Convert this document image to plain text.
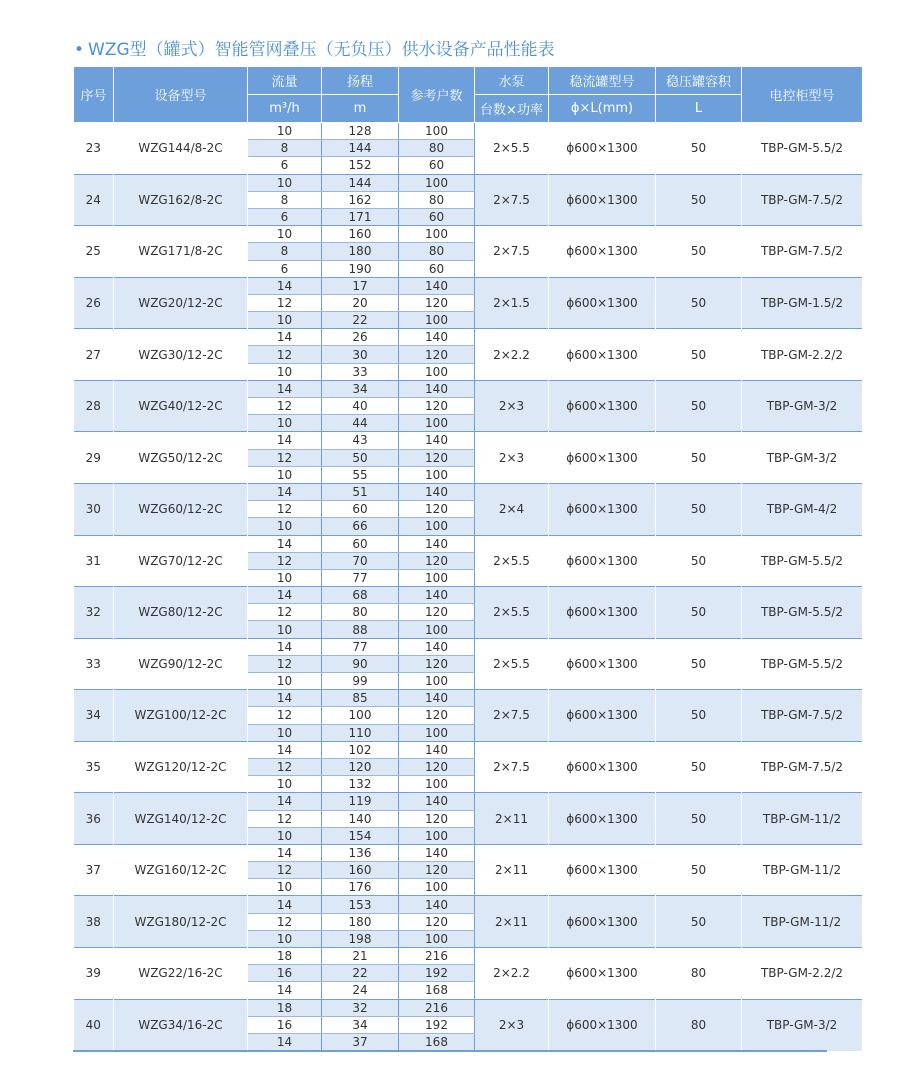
• WZG型（罐式）智能管网叠压（无负压）供水设备产品性能表
序号	设备型号	流量	扬程	参考户数	水泵	稳流罐型号	稳压罐容积	电控柜型号
		m³/h	m		台数×功率	ϕ×L(mm)	L	
23	WZG144/8-2C	10	128	100	2×5.5	ϕ600×1300	50	TBP-GM-5.5/2
		8	144	80				
		6	152	60				
24	WZG162/8-2C	10	144	100	2×7.5	ϕ600×1300	50	TBP-GM-7.5/2
		8	162	80				
		6	171	60				
25	WZG171/8-2C	10	160	100	2×7.5	ϕ600×1300	50	TBP-GM-7.5/2
		8	180	80				
		6	190	60				
26	WZG20/12-2C	14	17	140	2×1.5	ϕ600×1300	50	TBP-GM-1.5/2
		12	20	120				
		10	22	100				
27	WZG30/12-2C	14	26	140	2×2.2	ϕ600×1300	50	TBP-GM-2.2/2
		12	30	120				
		10	33	100				
28	WZG40/12-2C	14	34	140	2×3	ϕ600×1300	50	TBP-GM-3/2
		12	40	120				
		10	44	100				
29	WZG50/12-2C	14	43	140	2×3	ϕ600×1300	50	TBP-GM-3/2
		12	50	120				
		10	55	100				
30	WZG60/12-2C	14	51	140	2×4	ϕ600×1300	50	TBP-GM-4/2
		12	60	120				
		10	66	100				
31	WZG70/12-2C	14	60	140	2×5.5	ϕ600×1300	50	TBP-GM-5.5/2
		12	70	120				
		10	77	100				
32	WZG80/12-2C	14	68	140	2×5.5	ϕ600×1300	50	TBP-GM-5.5/2
		12	80	120				
		10	88	100				
33	WZG90/12-2C	14	77	140	2×5.5	ϕ600×1300	50	TBP-GM-5.5/2
		12	90	120				
		10	99	100				
34	WZG100/12-2C	14	85	140	2×7.5	ϕ600×1300	50	TBP-GM-7.5/2
		12	100	120				
		10	110	100				
35	WZG120/12-2C	14	102	140	2×7.5	ϕ600×1300	50	TBP-GM-7.5/2
		12	120	120				
		10	132	100				
36	WZG140/12-2C	14	119	140	2×11	ϕ600×1300	50	TBP-GM-11/2
		12	140	120				
		10	154	100				
37	WZG160/12-2C	14	136	140	2×11	ϕ600×1300	50	TBP-GM-11/2
		12	160	120				
		10	176	100				
38	WZG180/12-2C	14	153	140	2×11	ϕ600×1300	50	TBP-GM-11/2
		12	180	120				
		10	198	100				
39	WZG22/16-2C	18	21	216	2×2.2	ϕ600×1300	80	TBP-GM-2.2/2
		16	22	192				
		14	24	168				
40	WZG34/16-2C	18	32	216	2×3	ϕ600×1300	80	TBP-GM-3/2
		16	34	192				
		14	37	168				
